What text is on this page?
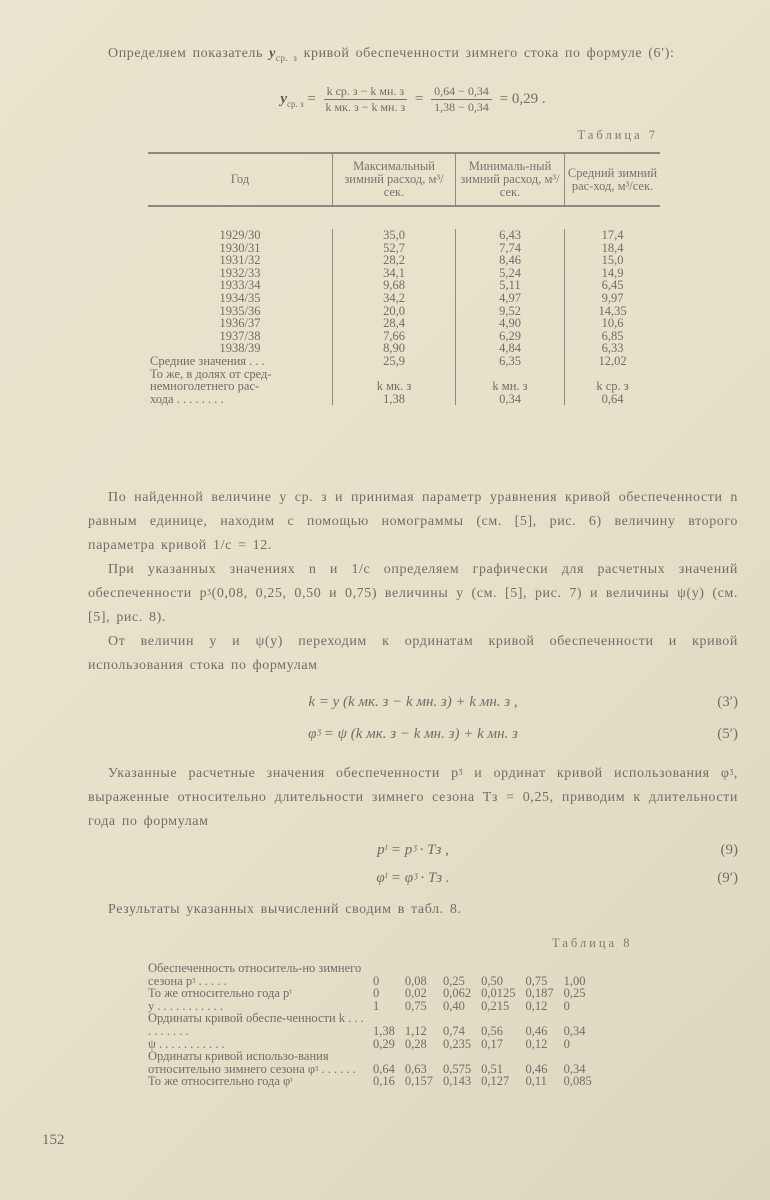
Определяем показатель $y_{ср. з}$ кривой обеспеченности зимнего стока по формуле (6′):
$y_{ср. з} = \frac{\text{k ср. з − k мн. з}}{\text{k мк. з − k мн. з}} = \frac{0,64 - 0,34}{1,38 - 0,34} = 0,29$ .
Таблица 7
Год	Максимальный зимний расход, м³/сек.	Минималь-ный зимний расход, м³/сек.	Средний зимний рас-ход, м³/сек.

1929/30	35,0	6,43	17,4
1930/31	52,7	7,74	18,4
1931/32	28,2	8,46	15,0
1932/33	34,1	5,24	14,9
1933/34	9,68	5,11	6,45
1934/35	34,2	4,97	9,97
1935/36	20,0	9,52	14,35
1936/37	28,4	4,90	10,6
1937/38	7,66	6,29	6,85
1938/39	8,90	4,84	6,33
Средние значения . . .	25,9	6,35	12,02
То же, в долях от сред-			
немноголетнего рас-	k мк. з	k мн. з	k ср. з
хода . . . . . . . .	1,38	0,34	0,64
По найденной величине y ср. з и принимая параметр уравнения кривой обеспеченности n равным единице, находим с помощью номограммы (см. [5], рис. 6) величину второго параметра кривой 1/c = 12.
При указанных значениях n и 1/c определяем графически для расчетных значений обеспеченности pᶾ(0,08, 0,25, 0,50 и 0,75) величины y (см. [5], рис. 7) и величины ψ(y) (см. [5], рис. 8).
От величин y и ψ(y) переходим к ординатам кривой обеспеченности и кривой использования стока по формулам
k = y (k мк. з − k мн. з) + k мн. з ,	(3′)
φᶾ = ψ (k мк. з − k мн. з) + k мн. з	(5′)
Указанные расчетные значения обеспеченности pᶾ и ординат кривой использования φᶾ, выраженные относительно длительности зимнего сезона Tз = 0,25, приводим к длительности года по формулам
pᵗ = pᶾ · Tз ,	(9)
φᵗ = φᶾ · Tз .	(9′)
Результаты указанных вычислений сводим в табл. 8.
Таблица 8
Обеспеченность относитель-но зимнего сезона pᶾ . . . . .	0	0,08	0,25	0,50	0,75	1,00
То же относительно года pᵗ	0	0,02	0,062	0,0125	0,187	0,25
y . . . . . . . . . . .	1	0,75	0,40	0,215	0,12	0
Ординаты кривой обеспе-ченности k . . . . . . . . . .	1,38	1,12	0,74	0,56	0,46	0,34
ψ . . . . . . . . . . .	0,29	0,28	0,235	0,17	0,12	0
Ординаты кривой использо-вания относительно зимнего сезона φᶾ . . . . . .	0,64	0,63	0,575	0,51	0,46	0,34
То же относительно года φᵗ	0,16	0,157	0,143	0,127	0,11	0,085
152
